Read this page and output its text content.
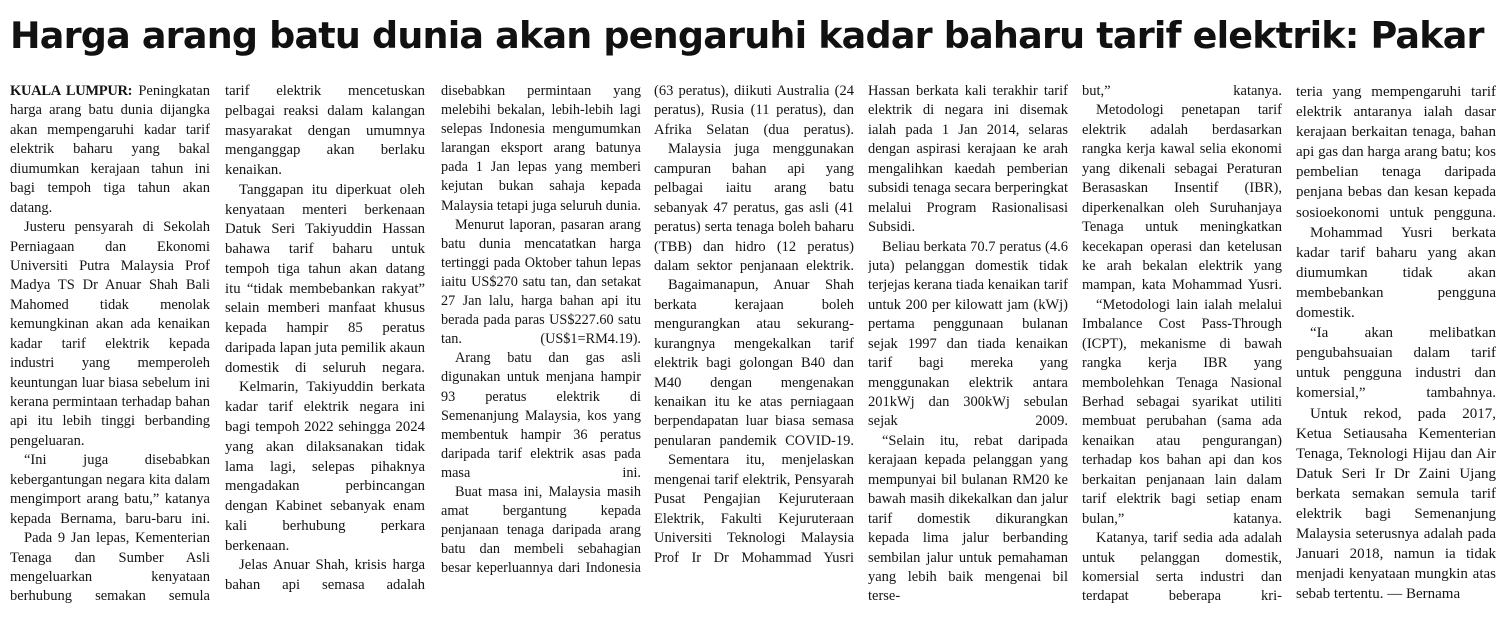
Harga arang batu dunia akan pengaruhi kadar baharu tarif elektrik: Pakar

KUALA LUMPUR: Peningkatan harga arang batu dunia dijangka akan mempengaruhi kadar tarif elektrik baharu yang bakal diumumkan kerajaan tahun ini bagi tempoh tiga tahun akan datang.

Justeru pensyarah di Sekolah Perniagaan dan Ekonomi Universiti Putra Malaysia Prof Madya TS Dr Anuar Shah Bali Mahomed tidak menolak kemungkinan akan ada kenaikan kadar tarif elektrik kepada industri yang memperoleh keuntungan luar biasa sebelum ini kerana permintaan terhadap bahan api itu lebih tinggi berbanding pengeluaran.

“Ini juga disebabkan kebergantungan negara kita dalam mengimport arang batu,” katanya kepada Bernama, baru-baru ini.

Pada 9 Jan lepas, Kementerian Tenaga dan Sumber Asli mengeluarkan kenyataan berhubung semakan semula

tarif elektrik mencetuskan pelbagai reaksi dalam kalangan masyarakat dengan umumnya menganggap akan berlaku kenaikan.

Tanggapan itu diperkuat oleh kenyataan menteri berkenaan Datuk Seri Takiyuddin Hassan bahawa tarif baharu untuk tempoh tiga tahun akan datang itu “tidak membebankan rakyat” selain memberi manfaat khusus kepada hampir 85 peratus daripada lapan juta pemilik akaun domestik di seluruh negara.

Kelmarin, Takiyuddin berkata kadar tarif elektrik negara ini bagi tempoh 2022 sehingga 2024 yang akan dilaksanakan tidak lama lagi, selepas pihaknya mengadakan perbincangan dengan Kabinet sebanyak enam kali berhubung perkara berkenaan.

Jelas Anuar Shah, krisis harga bahan api semasa adalah

disebabkan permintaan yang melebihi bekalan, lebih-lebih lagi selepas Indonesia mengumumkan larangan eksport arang batunya pada 1 Jan lepas yang memberi kejutan bukan sahaja kepada Malaysia tetapi juga seluruh dunia.

Menurut laporan, pasaran arang batu dunia mencatatkan harga tertinggi pada Oktober tahun lepas iaitu US$270 satu tan, dan setakat 27 Jan lalu, harga bahan api itu berada pada paras US$227.60 satu tan. (US$1=RM4.19).

Arang batu dan gas asli digunakan untuk menjana hampir 93 peratus elektrik di Semenanjung Malaysia, kos yang membentuk hampir 36 peratus daripada tarif elektrik asas pada masa ini.

Buat masa ini, Malaysia masih amat bergantung kepada penjanaan tenaga daripada arang batu dan membeli sebahagian besar keperluannya dari Indonesia

(63 peratus), diikuti Australia (24 peratus), Rusia (11 peratus), dan Afrika Selatan (dua peratus).

Malaysia juga menggunakan campuran bahan api yang pelbagai iaitu arang batu sebanyak 47 peratus, gas asli (41 peratus) serta tenaga boleh baharu (TBB) dan hidro (12 peratus) dalam sektor penjanaan elektrik.

Bagaimanapun, Anuar Shah berkata kerajaan boleh mengurangkan atau sekurang-kurangnya mengekalkan tarif elektrik bagi golongan B40 dan M40 dengan mengenakan kenaikan itu ke atas perniagaan berpendapatan luar biasa semasa penularan pandemik COVID-19.

Sementara itu, menjelaskan mengenai tarif elektrik, Pensyarah Pusat Pengajian Kejuruteraan Elektrik, Fakulti Kejuruteraan Universiti Teknologi Malaysia Prof Ir Dr Mohammad Yusri

Hassan berkata kali terakhir tarif elektrik di negara ini disemak ialah pada 1 Jan 2014, selaras dengan aspirasi kerajaan ke arah mengalihkan kaedah pemberian subsidi tenaga secara berperingkat melalui Program Rasionalisasi Subsidi.

Beliau berkata 70.7 peratus (4.6 juta) pelanggan domestik tidak terjejas kerana tiada kenaikan tarif untuk 200 per kilowatt jam (kWj) pertama penggunaan bulanan sejak 1997 dan tiada kenaikan tarif bagi mereka yang menggunakan elektrik antara 201kWj dan 300kWj sebulan sejak 2009.

“Selain itu, rebat daripada kerajaan kepada pelanggan yang mempunyai bil bulanan RM20 ke bawah masih dikekalkan dan jalur tarif domestik dikurangkan kepada lima jalur berbanding sembilan jalur untuk pemahaman yang lebih baik mengenai bil terse-

but,” katanya.

Metodologi penetapan tarif elektrik adalah berdasarkan rangka kerja kawal selia ekonomi yang dikenali sebagai Peraturan Berasaskan Insentif (IBR), diperkenalkan oleh Suruhanjaya Tenaga untuk meningkatkan kecekapan operasi dan ketelusan ke arah bekalan elektrik yang mampan, kata Mohammad Yusri.

“Metodologi lain ialah melalui Imbalance Cost Pass-Through (ICPT), mekanisme di bawah rangka kerja IBR yang membolehkan Tenaga Nasional Berhad sebagai syarikat utiliti membuat perubahan (sama ada kenaikan atau pengurangan) terhadap kos bahan api dan kos berkaitan penjanaan lain dalam tarif elektrik bagi setiap enam bulan,” katanya.

Katanya, tarif sedia ada adalah untuk pelanggan domestik, komersial serta industri dan terdapat beberapa kri-

teria yang mempengaruhi tarif elektrik antaranya ialah dasar kerajaan berkaitan tenaga, bahan api gas dan harga arang batu; kos pembelian tenaga daripada penjana bebas dan kesan kepada sosioekonomi untuk pengguna.

Mohammad Yusri berkata kadar tarif baharu yang akan diumumkan tidak akan membebankan pengguna domestik.

“Ia akan melibatkan pengubahsuaian dalam tarif untuk pengguna industri dan komersial,” tambahnya.

Untuk rekod, pada 2017, Ketua Setiausaha Kementerian Tenaga, Teknologi Hijau dan Air Datuk Seri Ir Dr Zaini Ujang berkata semakan semula tarif elektrik bagi Semenanjung Malaysia seterusnya adalah pada Januari 2018, namun ia tidak menjadi kenyataan mungkin atas sebab tertentu. — Bernama
